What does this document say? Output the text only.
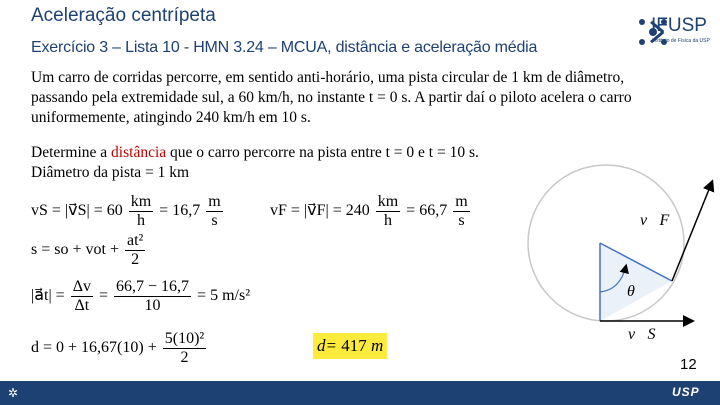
Aceleração centrípeta
Exercício 3 – Lista 10 - HMN 3.24 – MCUA, distância e aceleração média
IFUSP
Instituto de Física da USP
Um carro de corridas percorre, em sentido anti-horário, uma pista circular de 1 km de diâmetro, passando pela extremidade sul, a 60 km/h, no instante t = 0 s. A partir daí o piloto acelera o carro uniformemente, atingindo 240 km/h em 10 s.
Determine a distância que o carro percorre na pista entre t = 0 e t = 10 s.
Diâmetro da pista = 1 km
vS = |v⃗S| = $60 \frac{km}{h} = 16,7 \frac{m}{s}$	vF = |v⃗F| = $240 \frac{km}{h} = 66,7 \frac{m}{s}$
s = so + vot + $\frac{\text{at²}}{2}$
|a⃗t| = $\frac{\Delta v}{\Delta t} = \frac{66,7 - 16,7}{10} = 5$ m/s²
$d = 0 + 16,67(10) + \frac{\text{5(10)²}}{2}$	d= 417 m
v⃗F
θ
v⃗S
12
✲	USP
